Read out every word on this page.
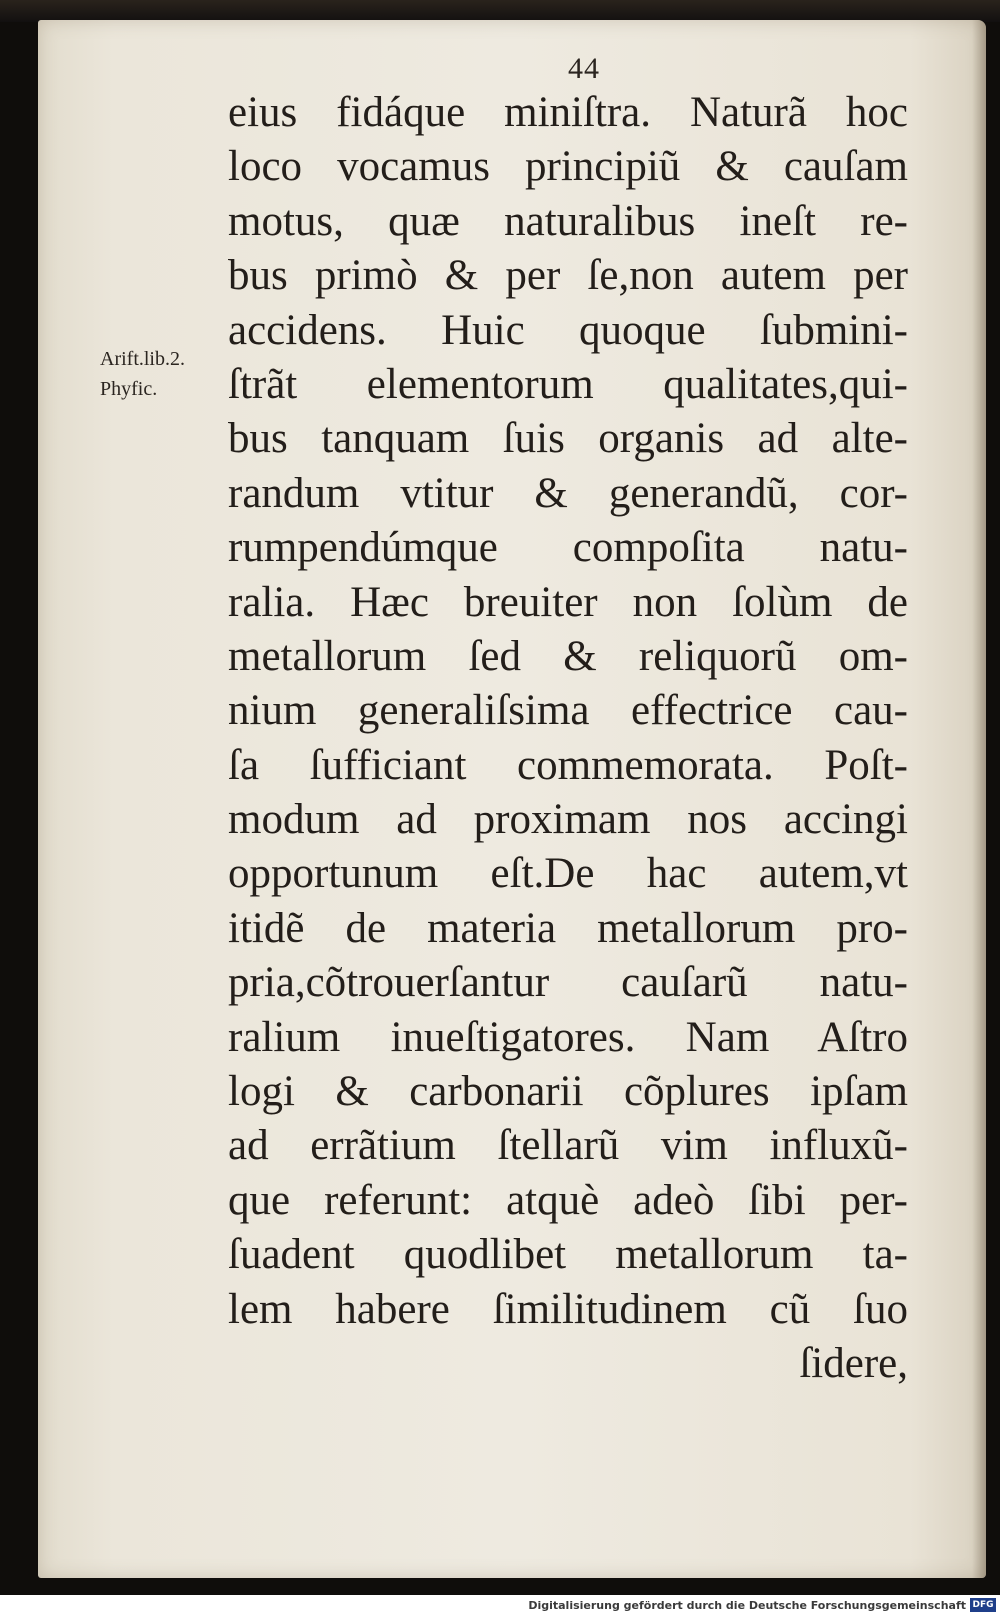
44
Arift.lib.2.
Phyfic.
eius fidáque miniſtra. Naturã hoc
loco vocamus principiũ & cauſam
motus, quæ naturalibus ineſt re-
bus primò & per ſe,non autem per
accidens. Huic quoque ſubmini-
ſtrãt elementorum qualitates,qui-
bus tanquam ſuis organis ad alte-
randum vtitur & generandũ, cor-
rumpendúmque compoſita natu-
ralia. Hæc breuiter non ſolùm de
metallorum ſed & reliquorũ om-
nium generaliſsima effectrice cau-
ſa ſufficiant commemorata. Poſt-
modum ad proximam nos accingi
opportunum eſt.De hac autem,vt
itidẽ de materia metallorum pro-
pria,cõtrouerſantur cauſarũ natu-
ralium inueſtigatores. Nam Aſtro
logi & carbonarii cõplures ipſam
ad errãtium ſtellarũ vim influxũ-
que referunt: atquè adeò ſibi per-
ſuadent quodlibet metallorum ta-
lem habere ſimilitudinem cũ ſuo
ſidere,
Digitalisierung gefördert durch die Deutsche Forschungsgemeinschaft DFG
